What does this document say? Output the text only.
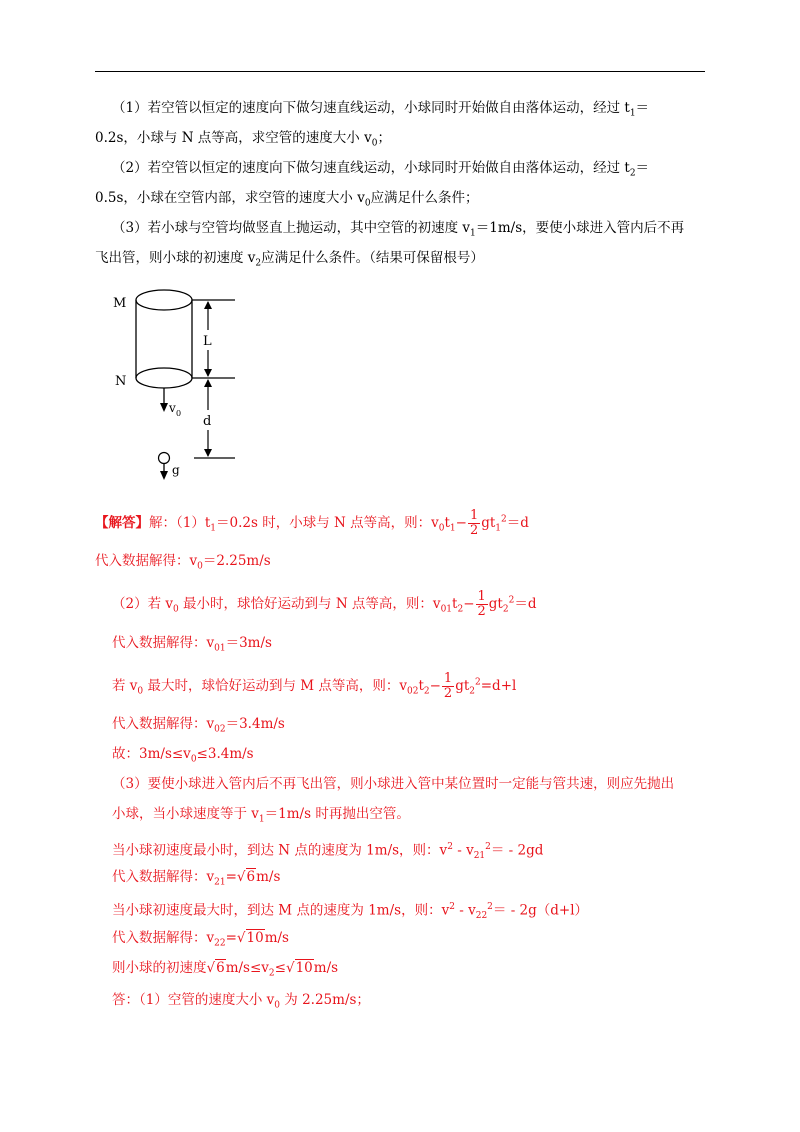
（1）若空管以恒定的速度向下做匀速直线运动，小球同时开始做自由落体运动，经过 $t_1=$
0.2s，小球与 N 点等高，求空管的速度大小 $v_0$；
（2）若空管以恒定的速度向下做匀速直线运动，小球同时开始做自由落体运动，经过 $t_2=$
0.5s，小球在空管内部，求空管的速度大小 $v_0$应满足什么条件；
（3）若小球与空管均做竖直上抛运动，其中空管的初速度 $v_1=1m/s$，要使小球进入管内后不再
飞出管，则小球的初速度 $v_2$应满足什么条件。（结果可保留根号）
M
N
L
d
v 0
g
【解答】解：$(1)t_1=0.2s$ 时，小球与 N 点等高，则：$v_0t_1- \frac{1}{2} gt_1^2=d$
代入数据解得：$v_0=2.25m/s$
（2）若 $v_0$ 最小时，球恰好运动到与 N 点等高，则：$v_{01}t_2- \frac{1}{2} gt_2^2=d$
代入数据解得：$v_{01}=3m/s$
若 $v_0$ 最大时，球恰好运动到与 M 点等高，则：$v_{02}t_2- \frac{1}{2} gt_2^2=d+l$
代入数据解得：$v_{02}=3.4m/s$
故：$3m/s\le v_0\le 3.4m/s$
（3）要使小球进入管内后不再飞出管，则小球进入管中某位置时一定能与管共速，则应先抛出
小球，当小球速度等于 $v_1=1m/s$ 时再抛出空管。
当小球初速度最小时，到达 N 点的速度为 1m/s，则：$v^2 - v_{21}^2= - 2gd$
代入数据解得：$v_{21}=√6m/s$
当小球初速度最大时，到达 M 点的速度为 1m/s，则：$v^2 - v_{22}^2= - 2g(d+l)$
代入数据解得：$v_{22}=√10m/s$
则小球的初速度$√6m/s\le v_2\le√10m/s$
答：（1）空管的速度大小 $v_0$ 为 2.25m/s；
